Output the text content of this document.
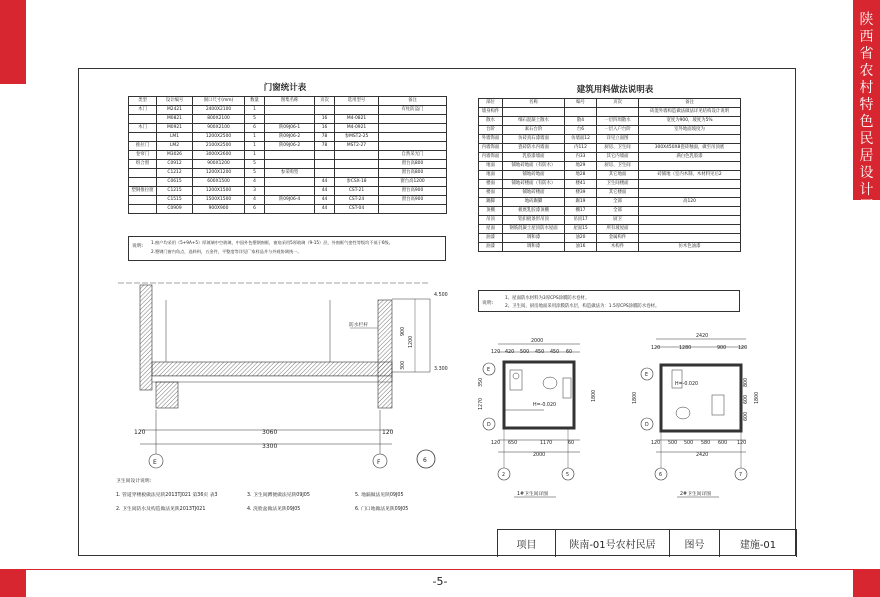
陕
西
省
农
村
特
色
民
居
设
计
图
集
门窗统计表
类型	设计编号	洞口尺寸(mm)	数量	图集名称	页次	选用型号	备注
木门	M2421	2400X2100	1				有柱防盗门
	M0821	800X2100	5		16	M4-0821	
木门	M0921	900X2100	6	陕09J06-1	16	M4-0921	
	LM1	1200X2500	1	陕09J06-2	78	参MST2-25	
推拉门	LM2	2100X2500	1	陕09J06-2	78	MST2-27	
卷帘门	M3026	3000X2600	1				自然采光门
组合窗	C0912	900X1200	5				窗台高800
	C1212	1200X1200	5	参采购型			窗台高800
	C0615	600X1500	4		44	参CSX-18	窗台高1200
塑钢推拉窗	C1215	1200X1500	3		44	CST-21	窗台高900
	C1515	1500X1500	4	陕09J06-4	44	CST-24	窗台高900
	C0909	900X900	6		44	CST-04	
说明:
1.窗户均采用（5+9A+5）厚玻璃中空玻璃，中国外色塑钢窗框，窗扇采用5厚玻璃（9-15）层，外窗框气密性等级均不低于6级。
2.塑钢门窗内角点，选料料，五金件，平整度等详见厂家样品并与外观协调统一。
建筑用料做法说明表
部位	名称	编号	页次	备注
墙身构件				砖混外墙构造做法做法详见结构设计说明
散水	细石混凝土散水	散4	一层四周散水	宽度为900，坡度为5%
台阶	素石台阶	台6	一层入户台阶	室外地面坡度为
外墙饰面	仿砖真石漆墙面	仿墙面12	详见立面图	
内墙饰面	瓷砖防水内墙面	内112	厨房、卫生间	300X450X8瓷砖釉面，做至吊顶底
内墙饰面	乳胶漆墙面	内33	其它内墙面	满白色乳胶漆
地面	铺地砖地面（有防水）	地29	厨房、卫生间	
地面	铺地砖地面	地28	其它地面	砖铺地（室内木制、木材料见后2
楼面	铺地砖楼面（有防水）	楼41	卫生间楼面	
楼面	铺地砖楼面	楼39	其它楼面	
踢脚	地砖踢脚	踢19	全部	高120
顶棚	板底乳胶漆顶棚	棚17	全部	
吊顶	铝扣板条形吊顶	吊顶17	厨卫	
屋面	钢筋混凝土屋顶防水屋面	屋面15	所有坡屋面	
油漆	调和漆	油20	金属构件	
油漆	调和漆	油16	木构件	仿木色油漆
说明:
1、屋面防水材料为3厚CPS涂膜防水卷材。
2、卫生间、厨房地面采用涂膜防水层，构造做法为：1.5厚CPS涂膜防水卷材。
防水栏杆
4.500
3.300
900
1200
300
120	3060	120
3300
E	F	6
2000
120 420 500 450 450 60
H=-0.020
E
D
350
1270
1800
120 650	1170	60
2000
2	5
1#卫生间详图
2420
120	1280	900 120
H=-0.020
E
D
1800
800
600
600
1800
120 500 500 580 600 120
2420
6	7
2#卫生间详图
卫生间设计说明:
1. 管道穿楼板做法见陕2013TJ021 第36页 表3
2. 卫生间防水及构造做法见陕2013TJ021
3. 卫生间蹲便做法见陕09J05
4. 洗脸盆做法见陕09J05
5. 地漏做法见陕09J05
6. 门口地做法见陕09J05
项目	陕南-01号农村民居	图号	建施-01
-5-
